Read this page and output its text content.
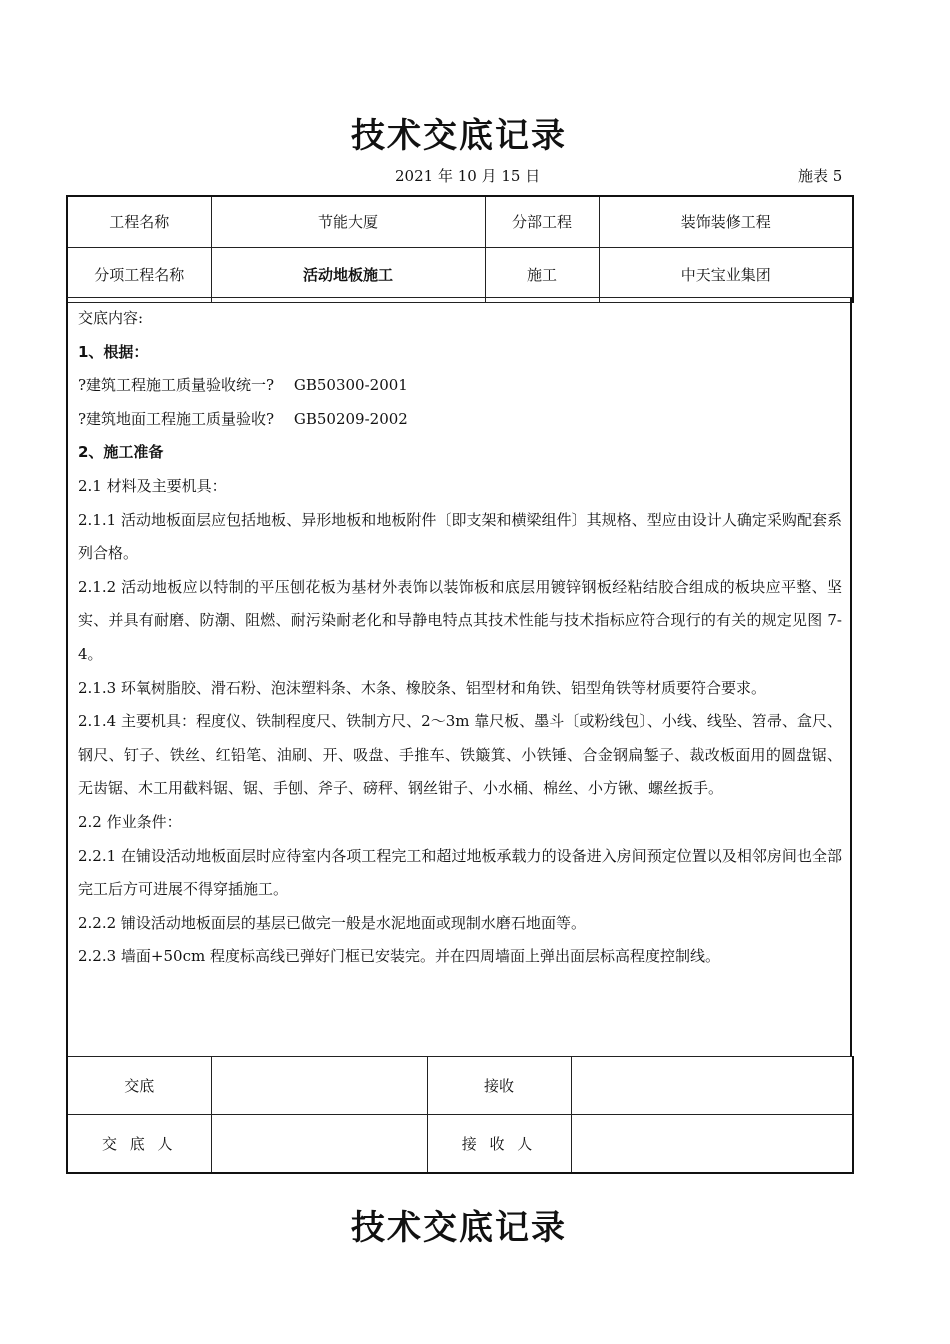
技术交底记录
2021 年 10 月 15 日	施表 5
工程名称	节能大厦	分部工程	装饰装修工程
分项工程名称	活动地板施工	施工	中天宝业集团

交底内容:

1、根据：

?建筑工程施工质量验收统一?　 GB50300-2001

?建筑地面工程施工质量验收?　 GB50209-2002

2、施工准备

2.1 材料及主要机具：

2.1.1 活动地板面层应包括地板、异形地板和地板附件〔即支架和横梁组件〕其规格、型应由设计人确定采购配套系列合格。

2.1.2 活动地板应以特制的平压刨花板为基材外表饰以装饰板和底层用镀锌钢板经粘结胶合组成的板块应平整、坚实、并具有耐磨、防潮、阻燃、耐污染耐老化和导静电特点其技术性能与技术指标应符合现行的有关的规定见图 7-4。

2.1.3 环氧树脂胶、滑石粉、泡沫塑料条、木条、橡胶条、铝型材和角铁、铝型角铁等材质要符合要求。

2.1.4 主要机具：程度仪、铁制程度尺、铁制方尺、2～3m 靠尺板、墨斗〔或粉线包〕、小线、线坠、笤帚、盒尺、钢尺、钉子、铁丝、红铅笔、油刷、开、吸盘、手推车、铁簸箕、小铁锤、合金钢扁錾子、裁改板面用的圆盘锯、无齿锯、木工用截料锯、锯、手刨、斧子、磅秤、钢丝钳子、小水桶、棉丝、小方锹、螺丝扳手。

2.2 作业条件：

2.2.1 在铺设活动地板面层时应待室内各项工程完工和超过地板承载力的设备进入房间预定位置以及相邻房间也全部完工后方可进展不得穿插施工。

2.2.2 铺设活动地板面层的基层已做完一般是水泥地面或现制水磨石地面等。

2.2.3 墙面+50cm 程度标高线已弹好门框已安装完。并在四周墙面上弹出面层标高程度控制线。

交底		接收	
交 底 人		接 收 人	
技术交底记录
